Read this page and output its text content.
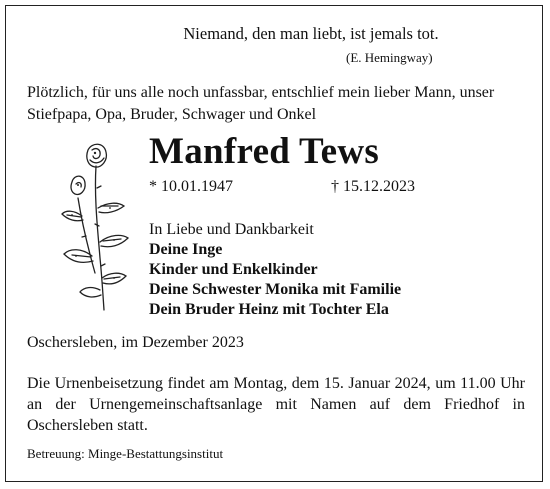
Niemand, den man liebt, ist jemals tot.
(E. Hemingway)
Plötzlich, für uns alle noch unfassbar, entschlief mein lieber Mann, unser Stiefpapa, Opa, Bruder, Schwager und Onkel
Manfred Tews
* 10.01.1947	† 15.12.2023
In Liebe und Dankbarkeit
Deine Inge
Kinder und Enkelkinder
Deine Schwester Monika mit Familie
Dein Bruder Heinz mit Tochter Ela
Oschersleben, im Dezember 2023
Die Urnenbeisetzung findet am Montag, dem 15. Januar 2024, um 11.00 Uhr an der Urnengemeinschaftsanlage mit Namen auf dem Friedhof in Oschersleben statt.
Betreuung: Minge-Bestattungsinstitut
